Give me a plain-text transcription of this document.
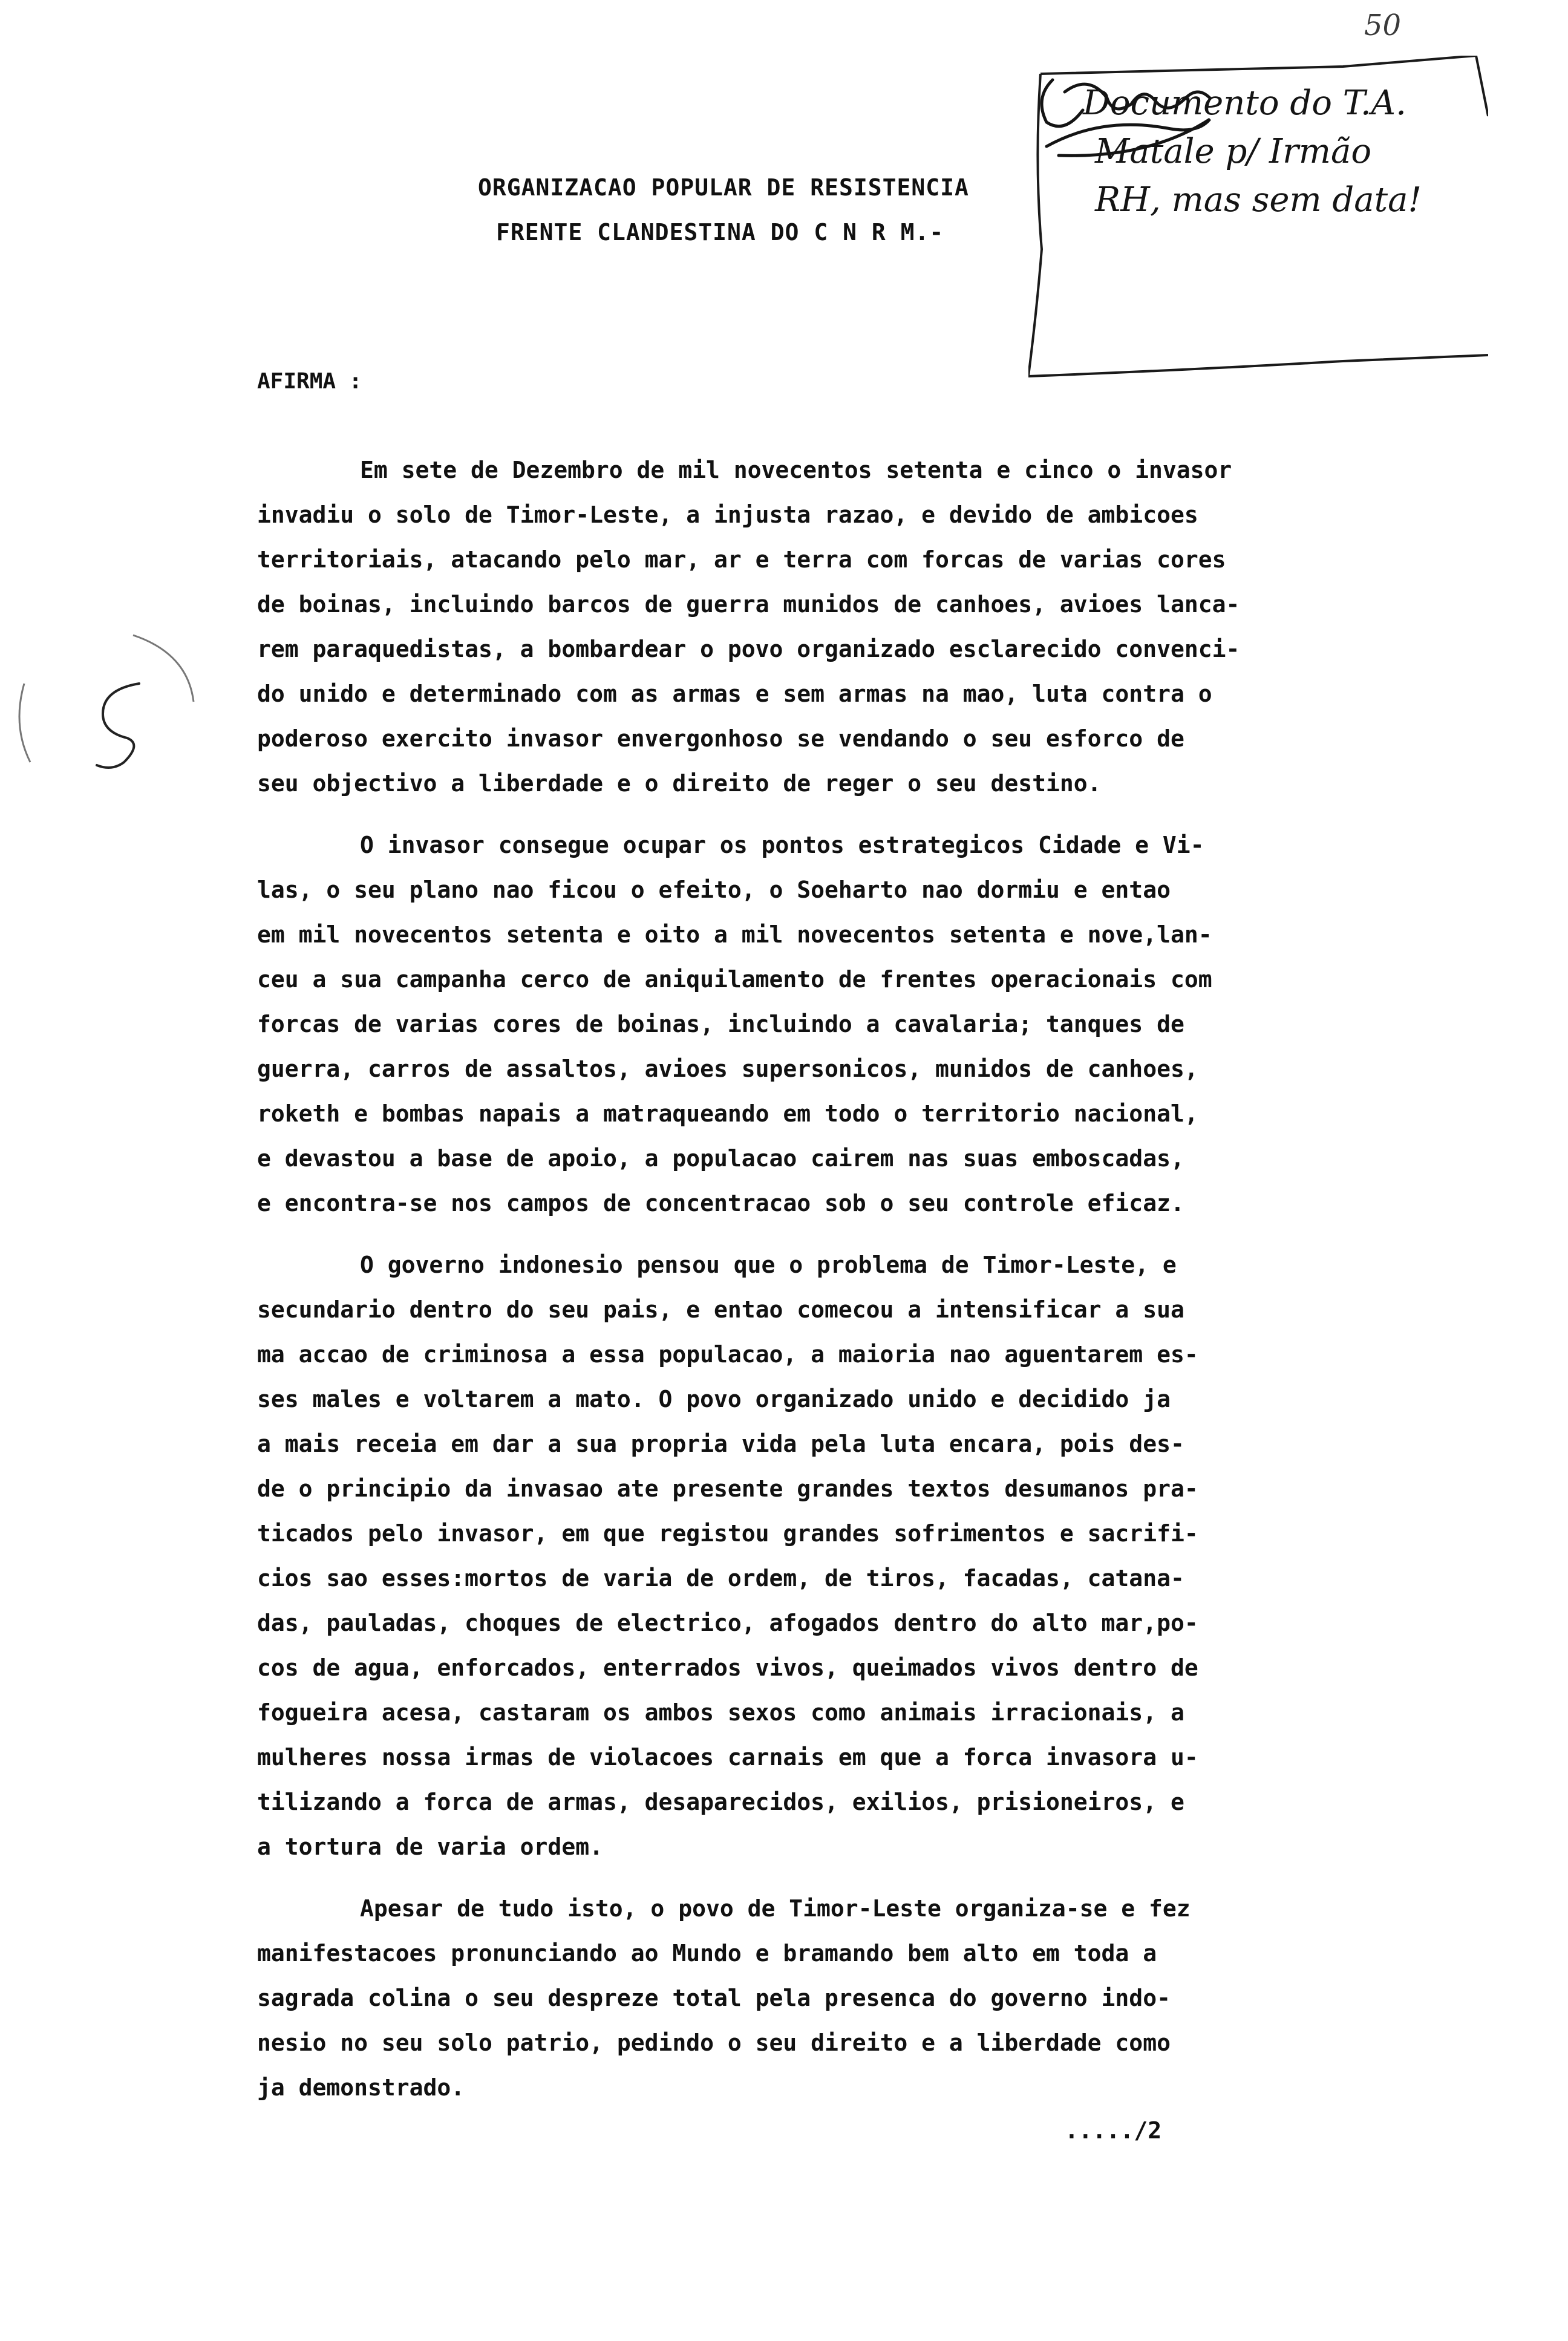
50
ORGANIZACAO POPULAR DE RESISTENCIA
FRENTE CLANDESTINA DO C N R M.-
Documento do T.A.
Matale p/ Irmão
RH, mas sem data!
AFIRMA :
Em sete de Dezembro de mil novecentos setenta e cinco o invasor
invadiu o solo de Timor-Leste, a injusta razao, e devido de ambicoes
territoriais, atacando pelo mar, ar e terra com forcas de varias cores
de boinas, incluindo barcos de guerra munidos de canhoes, avioes lanca-
rem paraquedistas, a bombardear o povo organizado esclarecido convenci-
do unido e determinado com as armas e sem armas na mao, luta contra o
poderoso exercito invasor envergonhoso se vendando o seu esforco de
seu objectivo a liberdade e o direito de reger o seu destino.
O invasor consegue ocupar os pontos estrategicos Cidade e Vi-
las, o seu plano nao ficou o efeito, o Soeharto nao dormiu e entao
em mil novecentos setenta e oito a mil novecentos setenta e nove,lan-
ceu a sua campanha cerco de aniquilamento de frentes operacionais com
forcas de varias cores de boinas, incluindo a cavalaria; tanques de
guerra, carros de assaltos, avioes supersonicos, munidos de canhoes,
roketh e bombas napais a matraqueando em todo o territorio nacional,
e devastou a base de apoio, a populacao cairem nas suas emboscadas,
e encontra-se nos campos de concentracao sob o seu controle eficaz.
O governo indonesio pensou que o problema de Timor-Leste, e
secundario dentro do seu pais, e entao comecou a intensificar a sua
ma accao de criminosa a essa populacao, a maioria nao aguentarem es-
ses males e voltarem a mato. O povo organizado unido e decidido ja
a mais receia em dar a sua propria vida pela luta encara, pois des-
de o principio da invasao ate presente grandes textos desumanos pra-
ticados pelo invasor, em que registou grandes sofrimentos e sacrifi-
cios sao esses:mortos de varia de ordem, de tiros, facadas, catana-
das, pauladas, choques de electrico, afogados dentro do alto mar,po-
cos de agua, enforcados, enterrados vivos, queimados vivos dentro de
fogueira acesa, castaram os ambos sexos como animais irracionais, a
mulheres nossa irmas de violacoes carnais em que a forca invasora u-
tilizando a forca de armas, desaparecidos, exilios, prisioneiros, e
a tortura de varia ordem.
Apesar de tudo isto, o povo de Timor-Leste organiza-se e fez
manifestacoes pronunciando ao Mundo e bramando bem alto em toda a
sagrada colina o seu despreze total pela presenca do governo indo-
nesio no seu solo patrio, pedindo o seu direito e a liberdade como
ja demonstrado.
...../2
